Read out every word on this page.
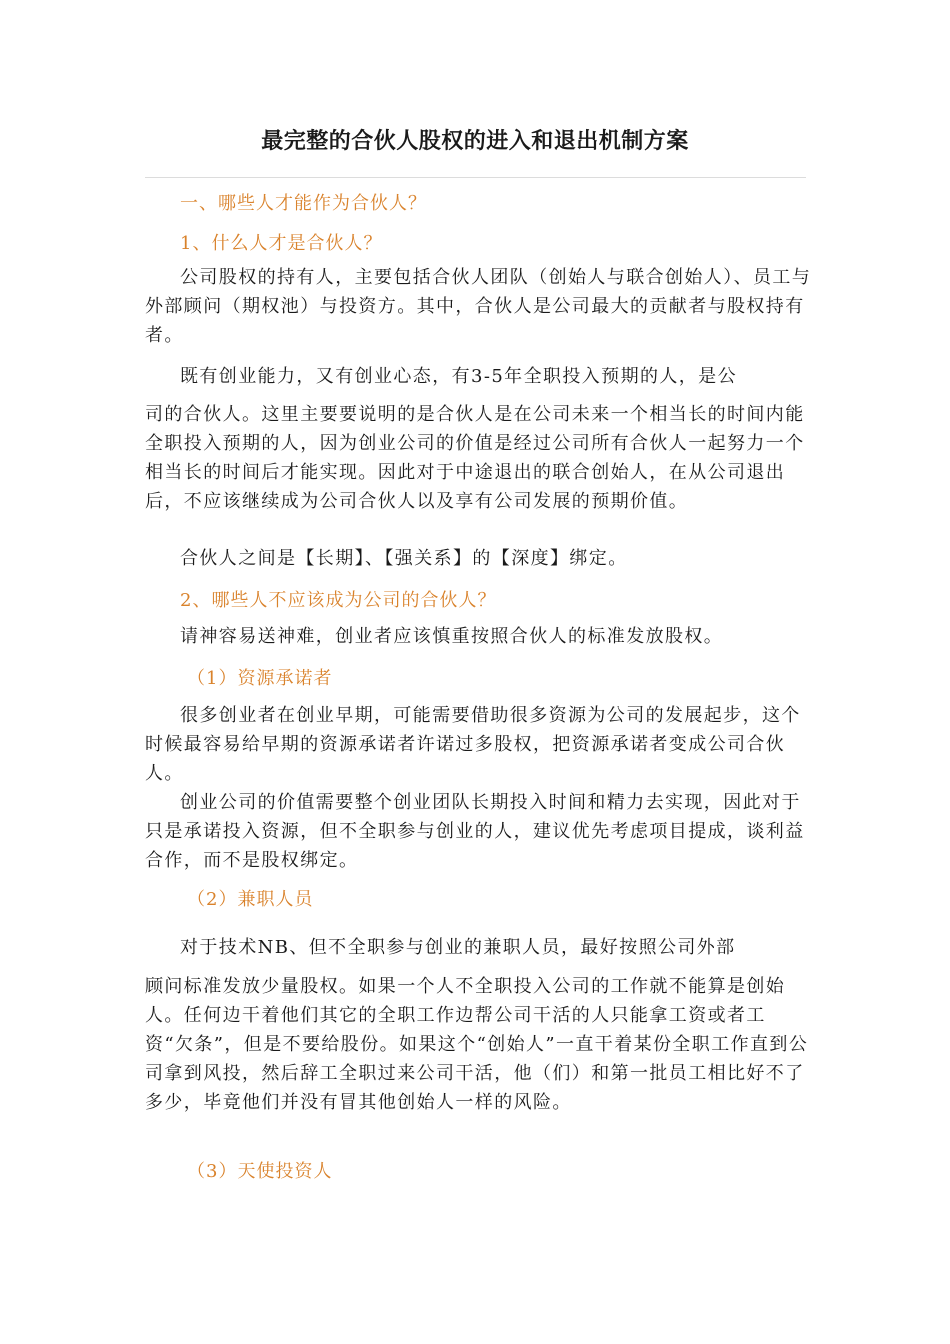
最完整的合伙人股权的进入和退出机制方案
一、哪些人才能作为合伙人？
1、什么人才是合伙人？
公司股权的持有人，主要包括合伙人团队（创始人与联合创始人）、员工与外部顾问（期权池）与投资方。其中，合伙人是公司最大的贡献者与股权持有者。
既有创业能力，又有创业心态，有3-5年全职投入预期的人，是公
司的合伙人。这里主要要说明的是合伙人是在公司未来一个相当长的时间内能全职投入预期的人，因为创业公司的价值是经过公司所有合伙人一起努力一个相当长的时间后才能实现。因此对于中途退出的联合创始人，在从公司退出后，不应该继续成为公司合伙人以及享有公司发展的预期价值。
合伙人之间是【长期】、【强关系】的【深度】绑定。
2、哪些人不应该成为公司的合伙人？
请神容易送神难，创业者应该慎重按照合伙人的标准发放股权。
（1）资源承诺者
很多创业者在创业早期，可能需要借助很多资源为公司的发展起步，这个时候最容易给早期的资源承诺者许诺过多股权，把资源承诺者变成公司合伙人。
创业公司的价值需要整个创业团队长期投入时间和精力去实现，因此对于只是承诺投入资源，但不全职参与创业的人，建议优先考虑项目提成，谈利益合作，而不是股权绑定。
（2）兼职人员
对于技术NB、但不全职参与创业的兼职人员，最好按照公司外部
顾问标准发放少量股权。如果一个人不全职投入公司的工作就不能算是创始人。任何边干着他们其它的全职工作边帮公司干活的人只能拿工资或者工资“欠条”，但是不要给股份。如果这个“创始人”一直干着某份全职工作直到公司拿到风投，然后辞工全职过来公司干活，他（们）和第一批员工相比好不了多少，毕竟他们并没有冒其他创始人一样的风险。
（3）天使投资人
